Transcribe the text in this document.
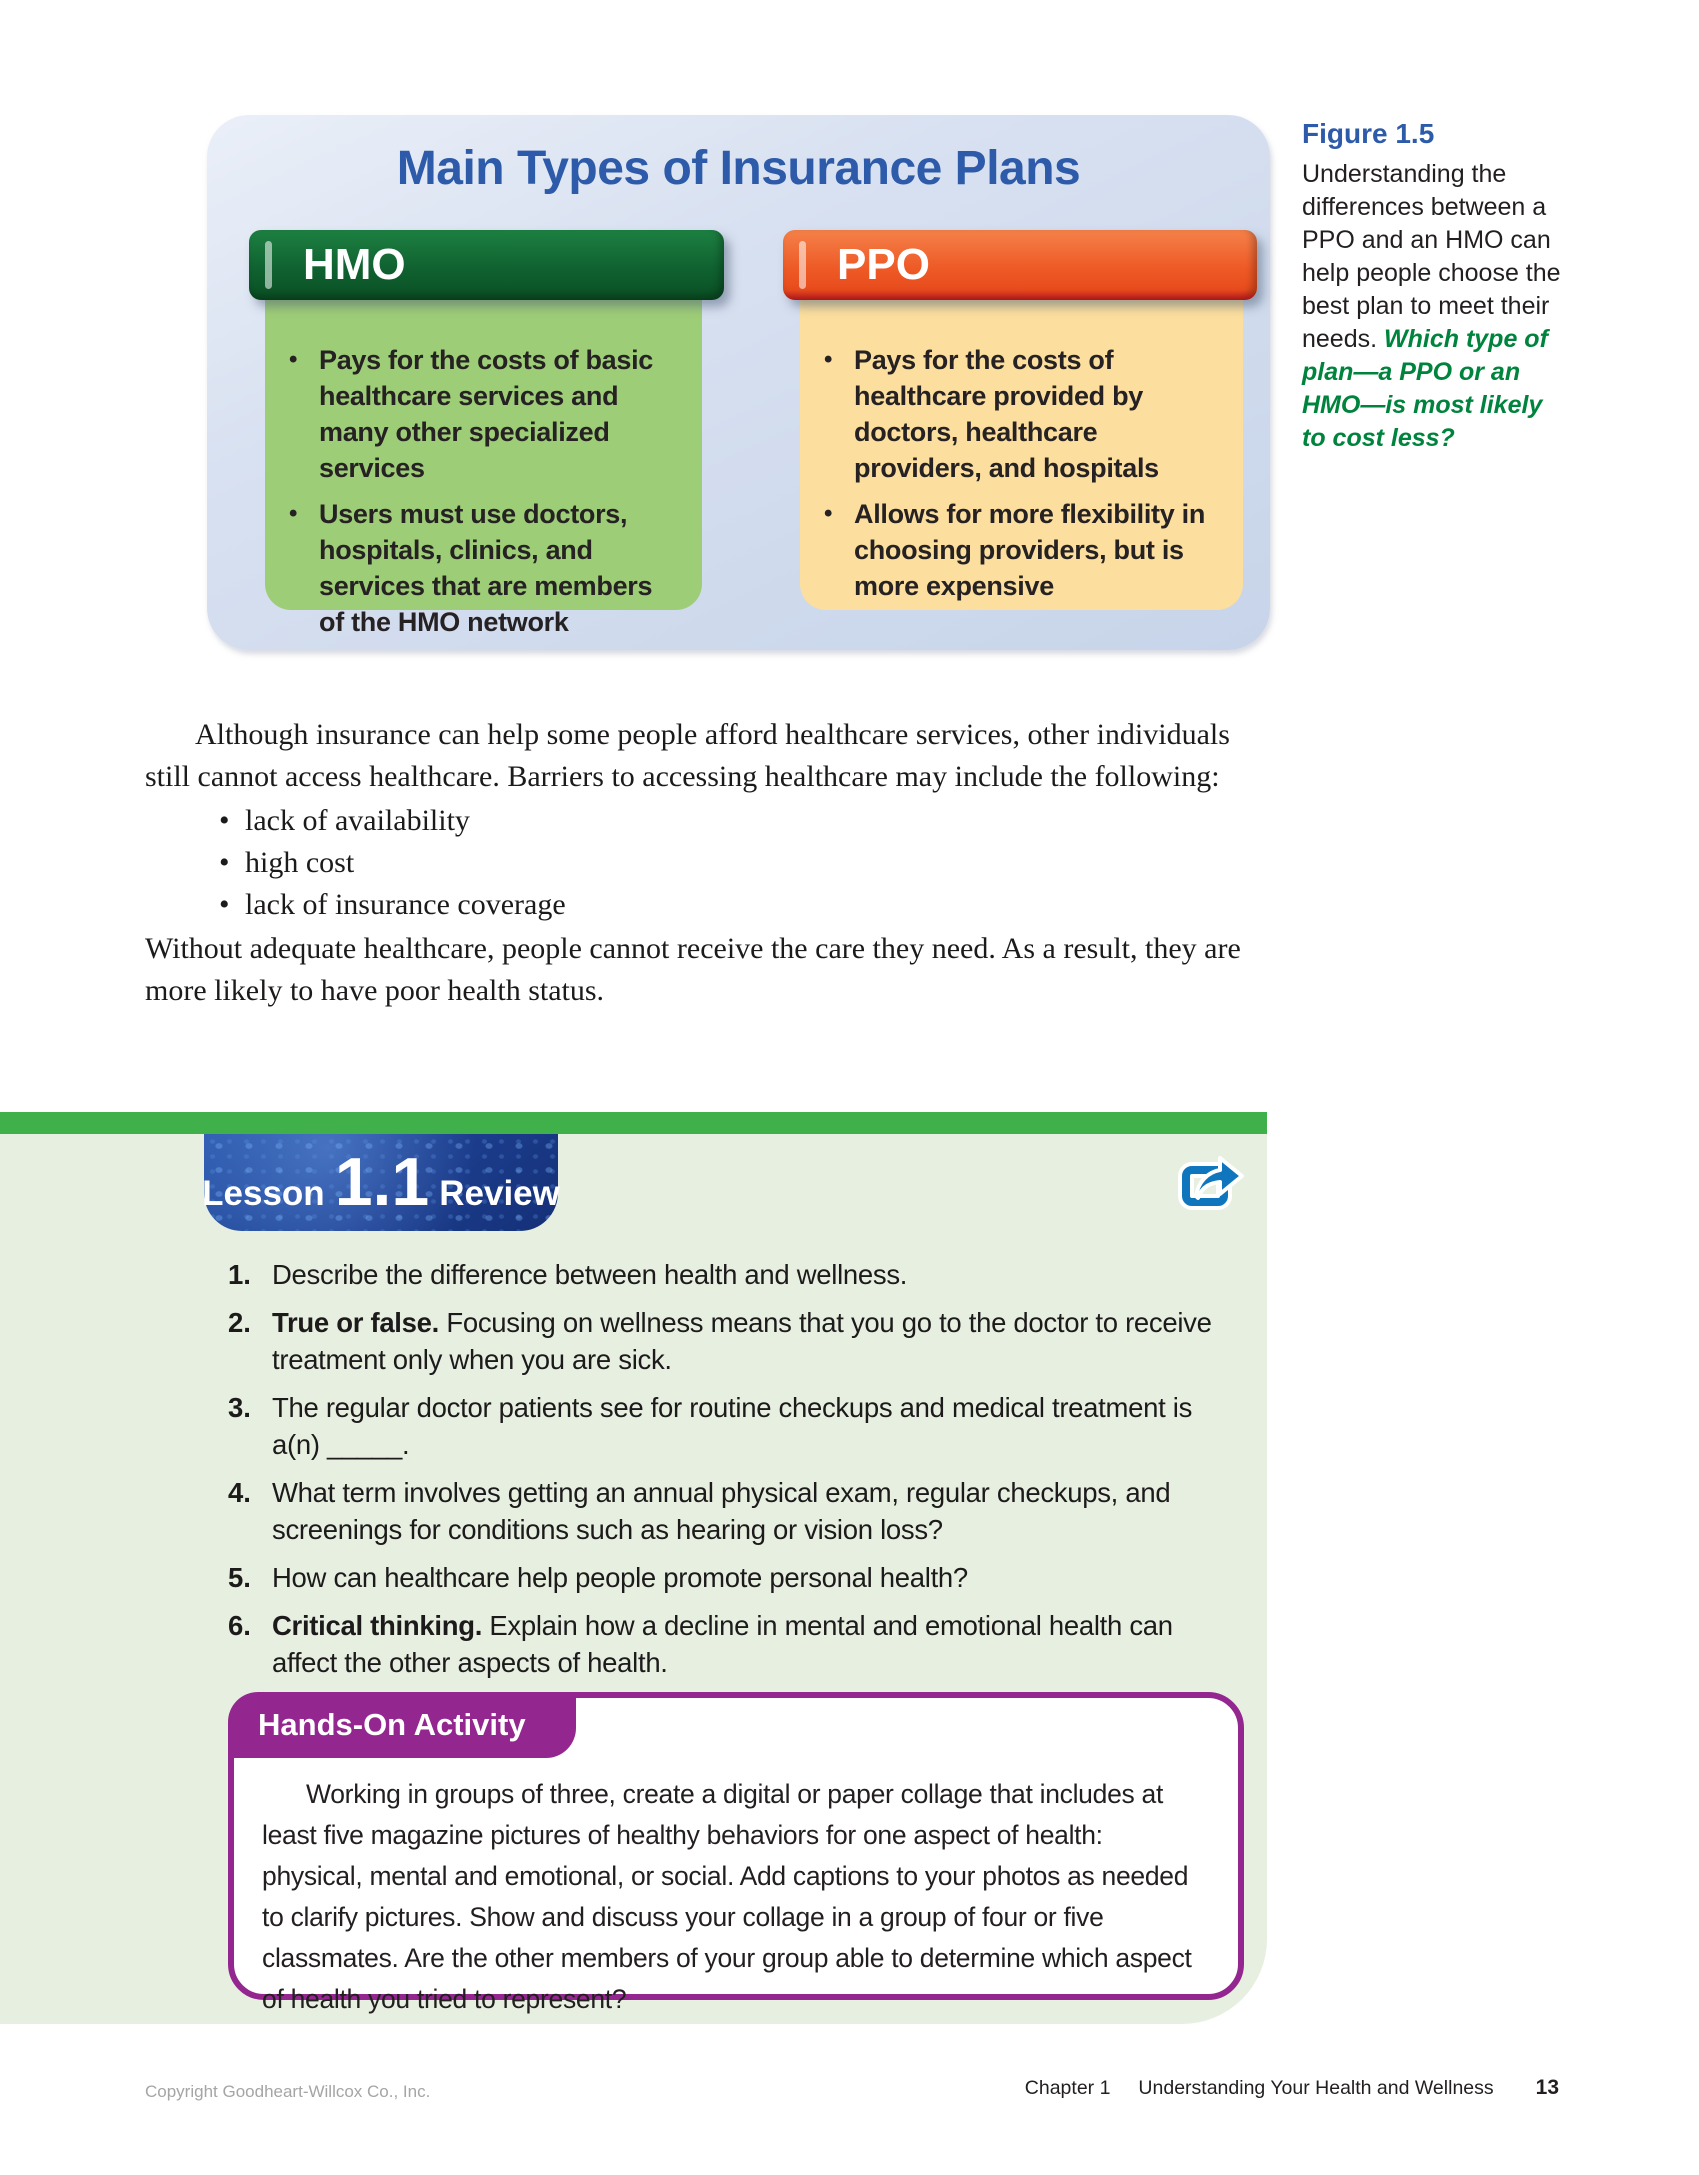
Main Types of Insurance Plans
HMO
• Pays for the costs of basic healthcare services and many other specialized services
• Users must use doctors, hospitals, clinics, and services that are members of the HMO network
PPO
• Pays for the costs of healthcare provided by doctors, healthcare providers, and hospitals
• Allows for more flexibility in choosing providers, but is more expensive
Figure 1.5
Understanding the differences between a PPO and an HMO can help people choose the best plan to meet their needs. Which type of plan—a PPO or an HMO—is most likely to cost less?

Although insurance can help some people afford healthcare services, other individuals still cannot access healthcare. Barriers to accessing healthcare may include the following:

• lack of availability
• high cost
• lack of insurance coverage

Without adequate healthcare, people cannot receive the care they need. As a result, they are more likely to have poor health status.

Lesson 1.1 Review
1. Describe the difference between health and wellness.
2. True or false. Focusing on wellness means that you go to the doctor to receive treatment only when you are sick.
3. The regular doctor patients see for routine checkups and medical treatment is a(n) _____.
4. What term involves getting an annual physical exam, regular checkups, and screenings for conditions such as hearing or vision loss?
5. How can healthcare help people promote personal health?
6. Critical thinking. Explain how a decline in mental and emotional health can affect the other aspects of health.
Hands-On Activity
Working in groups of three, create a digital or paper collage that includes at least five magazine pictures of healthy behaviors for one aspect of health: physical, mental and emotional, or social. Add captions to your photos as needed to clarify pictures. Show and discuss your collage in a group of four or five classmates. Are the other members of your group able to determine which aspect of health you tried to represent?
Copyright Goodheart-Willcox Co., Inc.	Chapter 1 Understanding Your Health and Wellness 13
